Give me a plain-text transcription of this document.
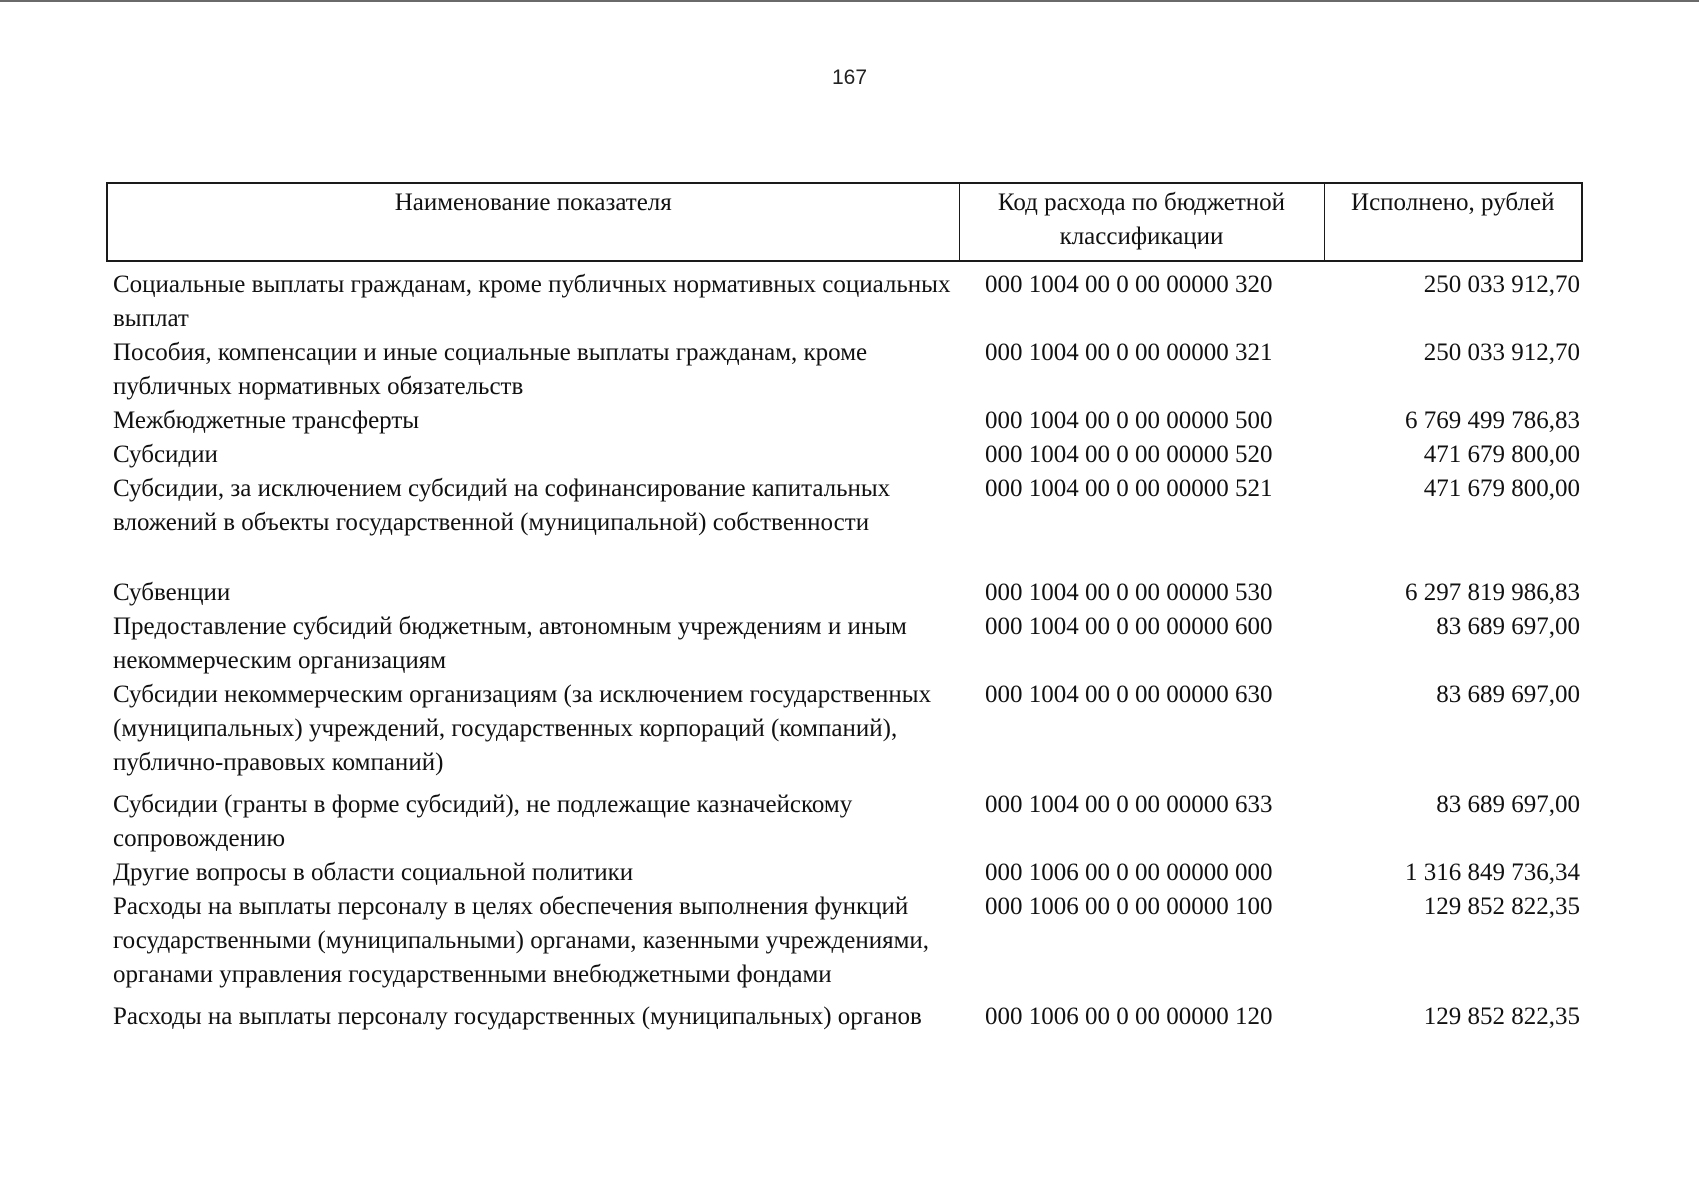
167
Наименование показателя	Код расхода по бюджетной классификации	Исполнено, рублей
Социальные выплаты гражданам, кроме публичных нормативных социальных выплат	000 1004 00 0 00 00000 320	250 033 912,70
Пособия, компенсации и иные социальные выплаты гражданам, кроме публичных нормативных обязательств	000 1004 00 0 00 00000 321	250 033 912,70
Межбюджетные трансферты	000 1004 00 0 00 00000 500	6 769 499 786,83
Субсидии	000 1004 00 0 00 00000 520	471 679 800,00
Субсидии, за исключением субсидий на софинансирование капитальных вложений в объекты государственной (муниципальной) собственности	000 1004 00 0 00 00000 521	471 679 800,00
Субвенции	000 1004 00 0 00 00000 530	6 297 819 986,83
Предоставление субсидий бюджетным, автономным учреждениям и иным некоммерческим организациям	000 1004 00 0 00 00000 600	83 689 697,00
Субсидии некоммерческим организациям (за исключением государственных (муниципальных) учреждений, государственных корпораций (компаний), публично-правовых компаний)	000 1004 00 0 00 00000 630	83 689 697,00
Субсидии (гранты в форме субсидий), не подлежащие казначейскому сопровождению	000 1004 00 0 00 00000 633	83 689 697,00
Другие вопросы в области социальной политики	000 1006 00 0 00 00000 000	1 316 849 736,34
Расходы на выплаты персоналу в целях обеспечения выполнения функций государственными (муниципальными) органами, казенными учреждениями, органами управления государственными внебюджетными фондами	000 1006 00 0 00 00000 100	129 852 822,35
Расходы на выплаты персоналу государственных (муниципальных) органов	000 1006 00 0 00 00000 120	129 852 822,35
